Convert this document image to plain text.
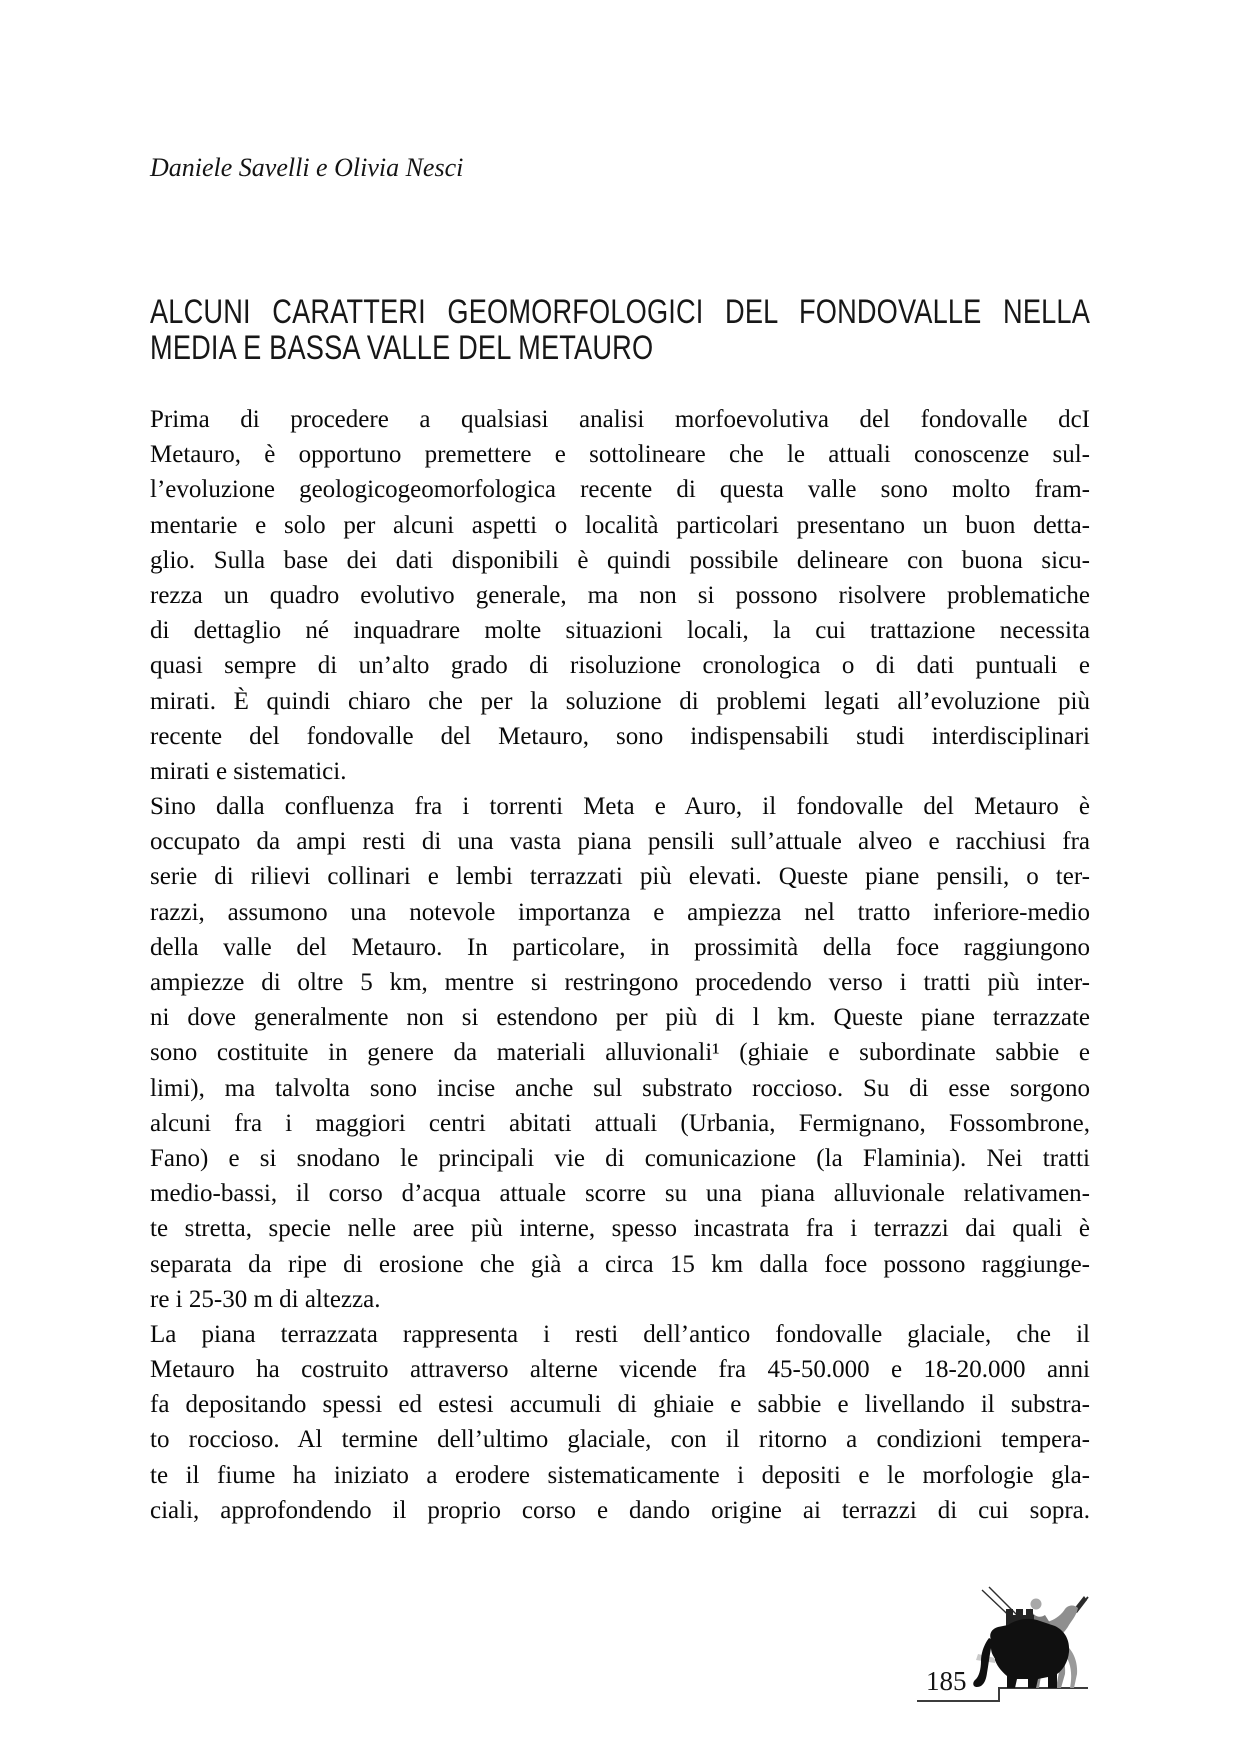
Daniele Savelli e Olivia Nesci
ALCUNI CARATTERI GEOMORFOLOGICI DEL FONDOVALLE NELLA
MEDIA E BASSA VALLE DEL METAURO
Prima di procedere a qualsiasi analisi morfoevolutiva del fondovalle dcI
Metauro, è opportuno premettere e sottolineare che le attuali conoscenze sul-
l’evoluzione geologicogeomorfologica recente di questa valle sono molto fram-
mentarie e solo per alcuni aspetti o località particolari presentano un buon detta-
glio. Sulla base dei dati disponibili è quindi possibile delineare con buona sicu-
rezza un quadro evolutivo generale, ma non si possono risolvere problematiche
di dettaglio né inquadrare molte situazioni locali, la cui trattazione necessita
quasi sempre di un’alto grado di risoluzione cronologica o di dati puntuali e
mirati. È quindi chiaro che per la soluzione di problemi legati all’evoluzione più
recente del fondovalle del Metauro, sono indispensabili studi interdisciplinari
mirati e sistematici.
Sino dalla confluenza fra i torrenti Meta e Auro, il fondovalle del Metauro è
occupato da ampi resti di una vasta piana pensili sull’attuale alveo e racchiusi fra
serie di rilievi collinari e lembi terrazzati più elevati. Queste piane pensili, o ter-
razzi, assumono una notevole importanza e ampiezza nel tratto inferiore-medio
della valle del Metauro. In particolare, in prossimità della foce raggiungono
ampiezze di oltre 5 km, mentre si restringono procedendo verso i tratti più inter-
ni dove generalmente non si estendono per più di l km. Queste piane terrazzate
sono costituite in genere da materiali alluvionali¹ (ghiaie e subordinate sabbie e
limi), ma talvolta sono incise anche sul substrato roccioso. Su di esse sorgono
alcuni fra i maggiori centri abitati attuali (Urbania, Fermignano, Fossombrone,
Fano) e si snodano le principali vie di comunicazione (la Flaminia). Nei tratti
medio-bassi, il corso d’acqua attuale scorre su una piana alluvionale relativamen-
te stretta, specie nelle aree più interne, spesso incastrata fra i terrazzi dai quali è
separata da ripe di erosione che già a circa 15 km dalla foce possono raggiunge-
re i 25-30 m di altezza.
La piana terrazzata rappresenta i resti dell’antico fondovalle glaciale, che il
Metauro ha costruito attraverso alterne vicende fra 45-50.000 e 18-20.000 anni
fa depositando spessi ed estesi accumuli di ghiaie e sabbie e livellando il substra-
to roccioso. Al termine dell’ultimo glaciale, con il ritorno a condizioni tempera-
te il fiume ha iniziato a erodere sistematicamente i depositi e le morfologie gla-
ciali, approfondendo il proprio corso e dando origine ai terrazzi di cui sopra.
185
